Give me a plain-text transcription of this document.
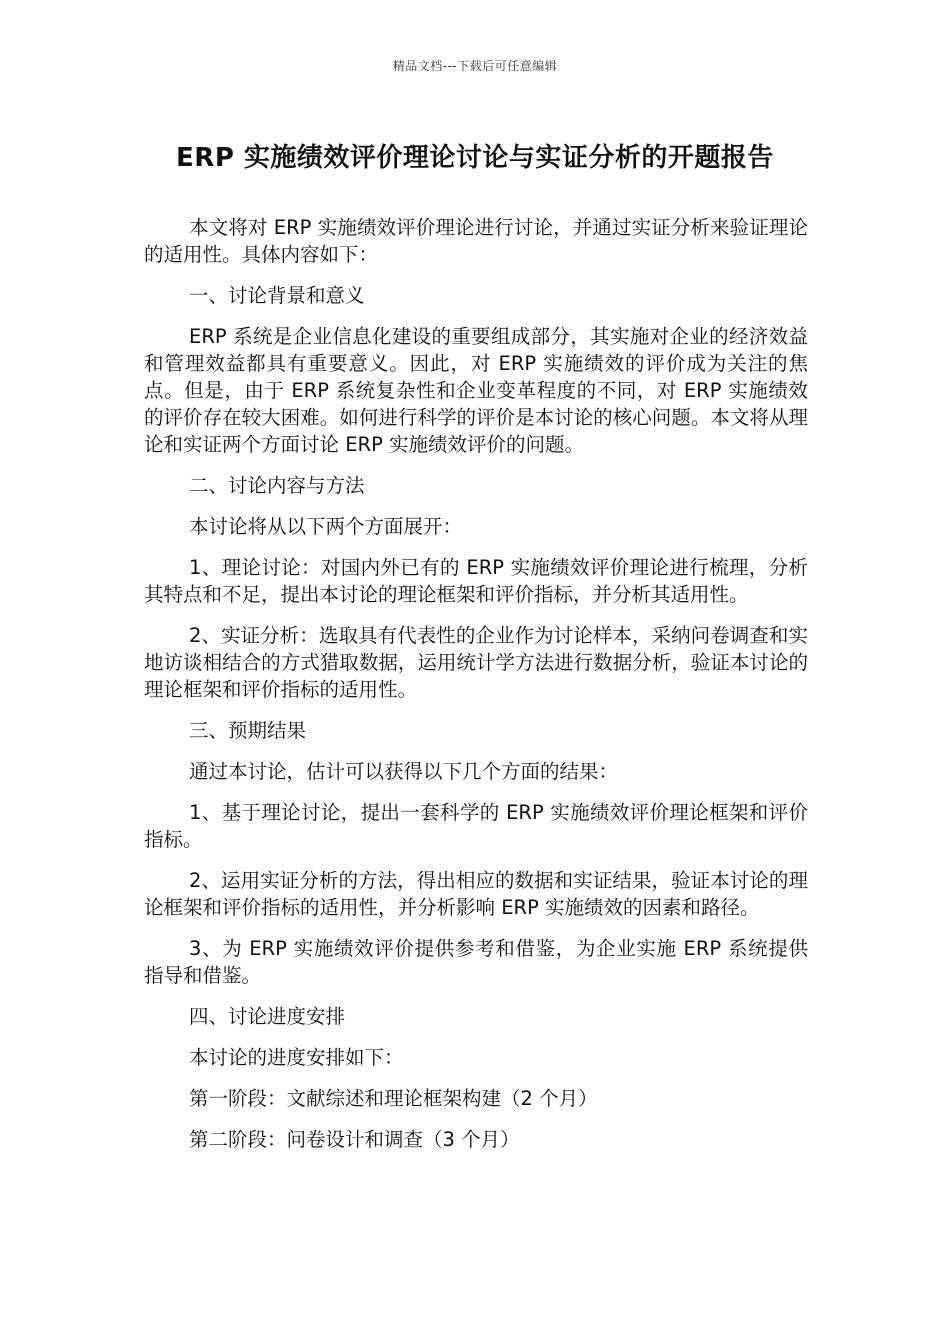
精品文档---下载后可任意编辑
ERP 实施绩效评价理论讨论与实证分析的开题报告

本文将对 ERP 实施绩效评价理论进行讨论，并通过实证分析来验证理论的适用性。具体内容如下：

一、讨论背景和意义

ERP 系统是企业信息化建设的重要组成部分，其实施对企业的经济效益和管理效益都具有重要意义。因此，对 ERP 实施绩效的评价成为关注的焦点。但是，由于 ERP 系统复杂性和企业变革程度的不同，对 ERP 实施绩效的评价存在较大困难。如何进行科学的评价是本讨论的核心问题。本文将从理论和实证两个方面讨论 ERP 实施绩效评价的问题。

二、讨论内容与方法

本讨论将从以下两个方面展开：

1、理论讨论：对国内外已有的 ERP 实施绩效评价理论进行梳理，分析其特点和不足，提出本讨论的理论框架和评价指标，并分析其适用性。

2、实证分析：选取具有代表性的企业作为讨论样本，采纳问卷调查和实地访谈相结合的方式猎取数据，运用统计学方法进行数据分析，验证本讨论的理论框架和评价指标的适用性。

三、预期结果

通过本讨论，估计可以获得以下几个方面的结果：

1、基于理论讨论，提出一套科学的 ERP 实施绩效评价理论框架和评价指标。

2、运用实证分析的方法，得出相应的数据和实证结果，验证本讨论的理论框架和评价指标的适用性，并分析影响 ERP 实施绩效的因素和路径。

3、为 ERP 实施绩效评价提供参考和借鉴，为企业实施 ERP 系统提供指导和借鉴。

四、讨论进度安排

本讨论的进度安排如下：

第一阶段：文献综述和理论框架构建（2 个月）

第二阶段：问卷设计和调查（3 个月）
